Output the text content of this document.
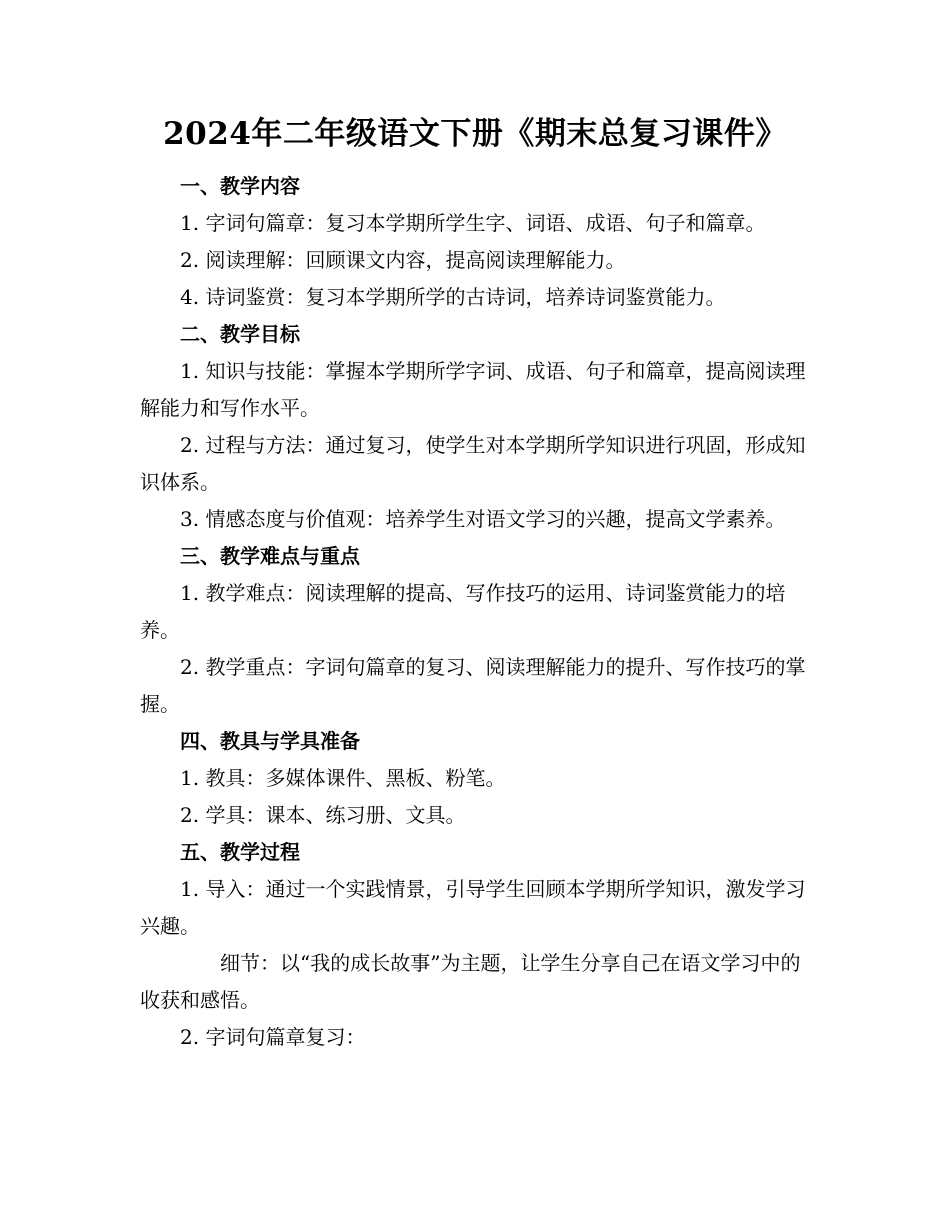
2024年二年级语文下册《期末总复习课件》

一、教学内容

1. 字词句篇章：复习本学期所学生字、词语、成语、句子和篇章。

2. 阅读理解：回顾课文内容，提高阅读理解能力。

4. 诗词鉴赏：复习本学期所学的古诗词，培养诗词鉴赏能力。

二、教学目标

1. 知识与技能：掌握本学期所学字词、成语、句子和篇章，提高阅读理解能力和写作水平。

2. 过程与方法：通过复习，使学生对本学期所学知识进行巩固，形成知识体系。

3. 情感态度与价值观：培养学生对语文学习的兴趣，提高文学素养。

三、教学难点与重点

1. 教学难点：阅读理解的提高、写作技巧的运用、诗词鉴赏能力的培养。

2. 教学重点：字词句篇章的复习、阅读理解能力的提升、写作技巧的掌握。

四、教具与学具准备

1. 教具：多媒体课件、黑板、粉笔。

2. 学具：课本、练习册、文具。

五、教学过程

1. 导入：通过一个实践情景，引导学生回顾本学期所学知识，激发学习兴趣。

细节：以“我的成长故事”为主题，让学生分享自己在语文学习中的收获和感悟。

2. 字词句篇章复习：
